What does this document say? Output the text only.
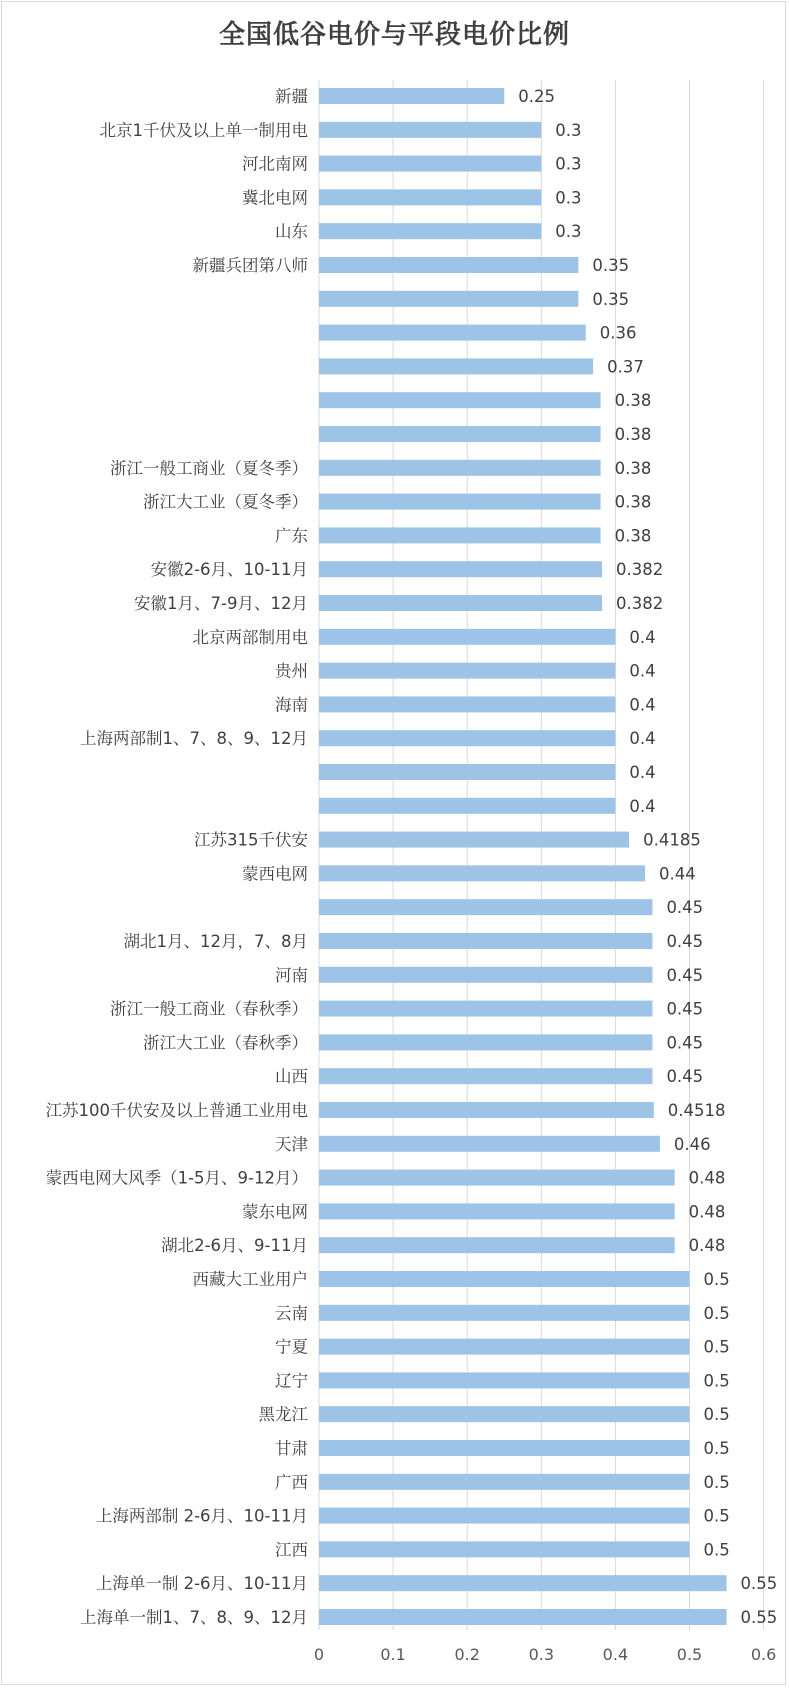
全国低谷电价与平段电价比例
0	0.1	0.2	0.3	0.4	0.5	0.6
新疆	0.25
北京1千伏及以上单一制用电	0.3
河北南网	0.3
冀北电网	0.3
山东	0.3
新疆兵团第八师	0.35
0.35
0.36
0.37
0.38
0.38
浙江一般工商业（夏冬季）	0.38
浙江大工业（夏冬季）	0.38
广东	0.38
安徽2-6月、10-11月	0.382
安徽1月、7-9月、12月	0.382
北京两部制用电	0.4
贵州	0.4
海南	0.4
上海两部制1、7、8、9、12月	0.4
0.4
0.4
江苏315千伏安	0.4185
蒙西电网	0.44
0.45
湖北1月、12月，7、8月	0.45
河南	0.45
浙江一般工商业（春秋季）	0.45
浙江大工业（春秋季）	0.45
山西	0.45
江苏100千伏安及以上普通工业用电	0.4518
天津	0.46
蒙西电网大风季（1-5月、9-12月）	0.48
蒙东电网	0.48
湖北2-6月、9-11月	0.48
西藏大工业用户	0.5
云南	0.5
宁夏	0.5
辽宁	0.5
黑龙江	0.5
甘肃	0.5
广西	0.5
上海两部制 2-6月、10-11月	0.5
江西	0.5
上海单一制 2-6月、10-11月	0.55
上海单一制1、7、8、9、12月	0.55
